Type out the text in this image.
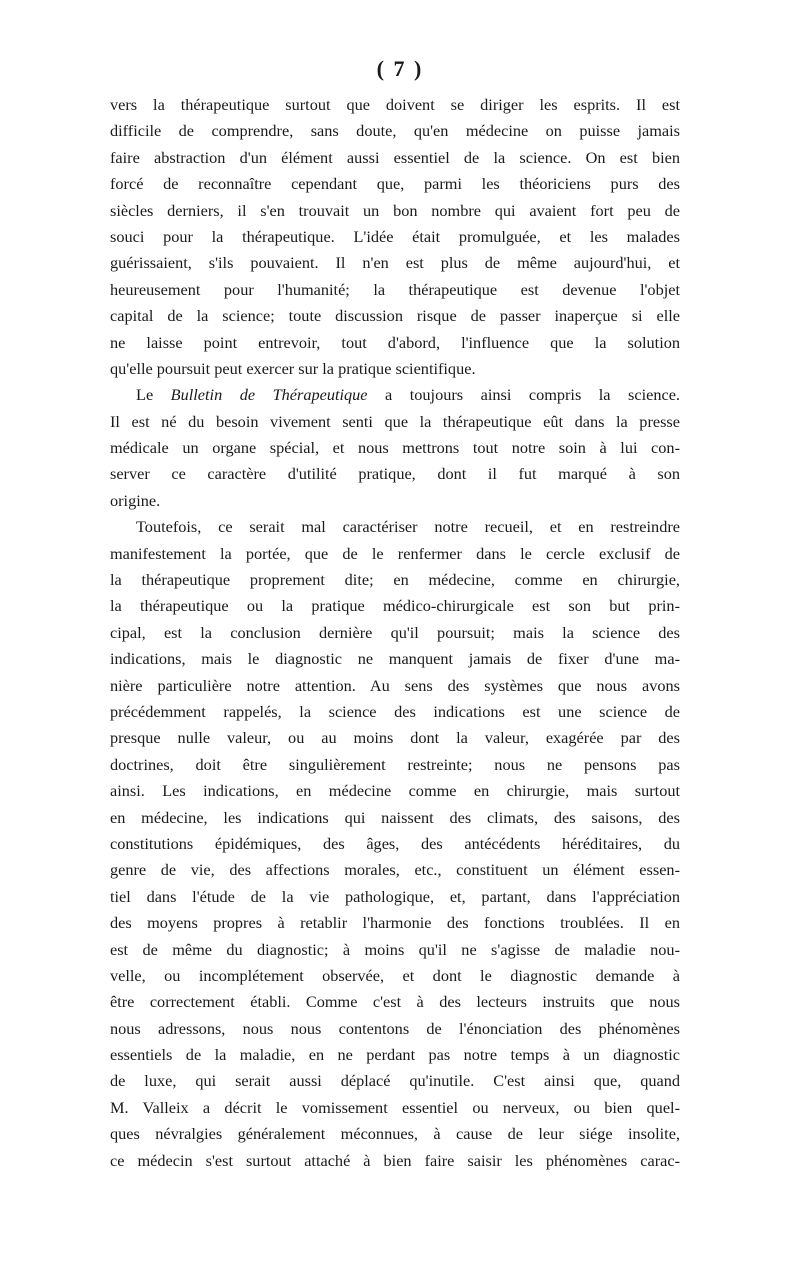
( 7 )
vers la thérapeutique surtout que doivent se diriger les esprits. Il est
difficile de comprendre, sans doute, qu'en médecine on puisse jamais
faire abstraction d'un élément aussi essentiel de la science. On est bien
forcé de reconnaître cependant que, parmi les théoriciens purs des
siècles derniers, il s'en trouvait un bon nombre qui avaient fort peu de
souci pour la thérapeutique. L'idée était promulguée, et les malades
guérissaient, s'ils pouvaient. Il n'en est plus de même aujourd'hui, et
heureusement pour l'humanité; la thérapeutique est devenue l'objet
capital de la science; toute discussion risque de passer inaperçue si elle
ne laisse point entrevoir, tout d'abord, l'influence que la solution
qu'elle poursuit peut exercer sur la pratique scientifique.
Le Bulletin de Thérapeutique a toujours ainsi compris la science.
Il est né du besoin vivement senti que la thérapeutique eût dans la presse
médicale un organe spécial, et nous mettrons tout notre soin à lui con-
server ce caractère d'utilité pratique, dont il fut marqué à son
origine.
Toutefois, ce serait mal caractériser notre recueil, et en restreindre
manifestement la portée, que de le renfermer dans le cercle exclusif de
la thérapeutique proprement dite; en médecine, comme en chirurgie,
la thérapeutique ou la pratique médico-chirurgicale est son but prin-
cipal, est la conclusion dernière qu'il poursuit; mais la science des
indications, mais le diagnostic ne manquent jamais de fixer d'une ma-
nière particulière notre attention. Au sens des systèmes que nous avons
précédemment rappelés, la science des indications est une science de
presque nulle valeur, ou au moins dont la valeur, exagérée par des
doctrines, doit être singulièrement restreinte; nous ne pensons pas
ainsi. Les indications, en médecine comme en chirurgie, mais surtout
en médecine, les indications qui naissent des climats, des saisons, des
constitutions épidémiques, des âges, des antécédents héréditaires, du
genre de vie, des affections morales, etc., constituent un élément essen-
tiel dans l'étude de la vie pathologique, et, partant, dans l'appréciation
des moyens propres à retablir l'harmonie des fonctions troublées. Il en
est de même du diagnostic; à moins qu'il ne s'agisse de maladie nou-
velle, ou incomplétement observée, et dont le diagnostic demande à
être correctement établi. Comme c'est à des lecteurs instruits que nous
nous adressons, nous nous contentons de l'énonciation des phénomènes
essentiels de la maladie, en ne perdant pas notre temps à un diagnostic
de luxe, qui serait aussi déplacé qu'inutile. C'est ainsi que, quand
M. Valleix a décrit le vomissement essentiel ou nerveux, ou bien quel-
ques névralgies généralement méconnues, à cause de leur siége insolite,
ce médecin s'est surtout attaché à bien faire saisir les phénomènes carac-
